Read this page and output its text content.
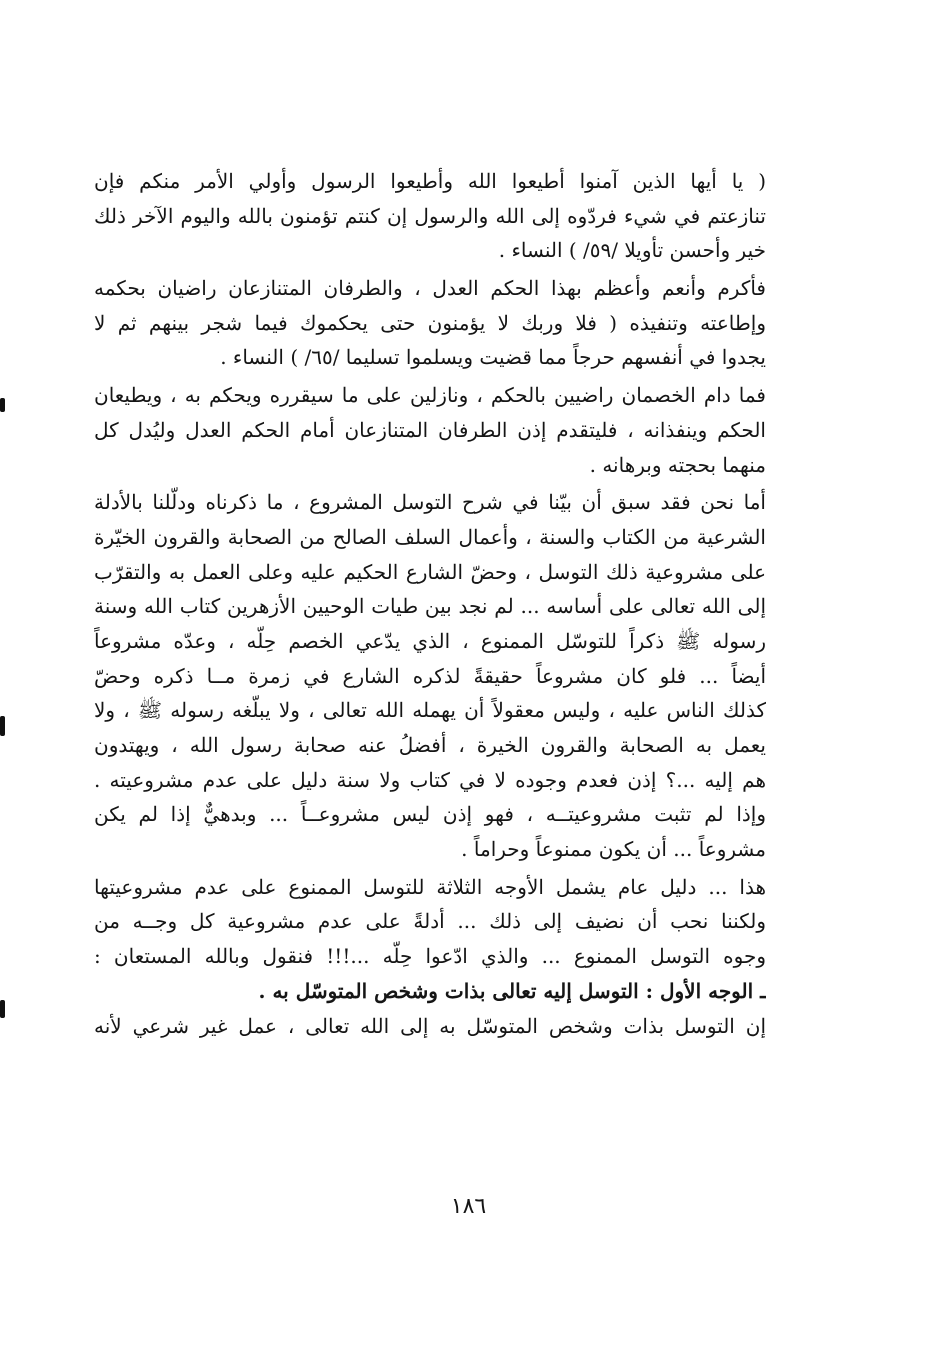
( يا أيها الذين آمنوا أطيعوا الله وأطيعوا الرسول وأولي الأمر منكم فإن
تنازعتم في شيء فردّوه إلى الله والرسول إن كنتم تؤمنون بالله واليوم الآخر ذلك
خير وأحسن تأويلا /٥٩/ ) النساء .
فأكرم وأنعم وأعظم بهذا الحكم العدل ، والطرفان المتنازعان راضيان بحكمه
وإطاعته وتنفيذه ( فلا وربك لا يؤمنون حتى يحكموك فيما شجر بينهم ثم لا
يجدوا في أنفسهم حرجاً مما قضيت ويسلموا تسليما /٦٥/ ) النساء .
فما دام الخصمان راضيين بالحكم ، ونازلين على ما سيقرره ويحكم به ، ويطيعان
الحكم وينفذانه ، فليتقدم إذن الطرفان المتنازعان أمام الحكم العدل وليُدل كل
منهما بحجته وبرهانه .
أما نحن فقد سبق أن بيّنا في شرح التوسل المشروع ، ما ذكرناه ودلّلنا بالأدلة
الشرعية من الكتاب والسنة ، وأعمال السلف الصالح من الصحابة والقرون الخيّرة
على مشروعية ذلك التوسل ، وحضّ الشارع الحكيم عليه وعلى العمل به والتقرّب
إلى الله تعالى على أساسه ... لم نجد بين طيات الوحيين الأزهرين كتاب الله وسنة
رسوله ﷺ ذكراً للتوسّل الممنوع ، الذي يدّعي الخصم حِلّه ، وعدّه مشروعاً
أيضاً ... فلو كان مشروعاً حقيقةً لذكره الشارع في زمرة مــا ذكره وحضّ
كذلك الناس عليه ، وليس معقولاً أن يهمله الله تعالى ، ولا يبلّغه رسوله ﷺ ، ولا
يعمل به الصحابة والقرون الخيرة ، أفضلُ عنه صحابة رسول الله ، ويهتدون
هم إليه ...؟ إذن فعدم وجوده لا في كتاب ولا سنة دليل على عدم مشروعيته .
وإذا لم تثبت مشروعيتــه ، فهو إذن ليس مشروعــاً ... وبدهيٌّ إذا لم يكن
مشروعاً ... أن يكون ممنوعاً وحراماً .
هذا ... دليل عام يشمل الأوجه الثلاثة للتوسل الممنوع على عدم مشروعيتها
ولكننا نحب أن نضيف إلى ذلك ... أدلةً على عدم مشروعية كل وجــه من
وجوه التوسل الممنوع ... والذي ادّعوا حِلّه ...!!! فنقول وبالله المستعان :
ـ الوجه الأول : التوسل إليه تعالى بذات وشخص المتوسّل به .
إن التوسل بذات وشخص المتوسّل به إلى الله تعالى ، عمل غير شرعي لأنه
١٨٦
